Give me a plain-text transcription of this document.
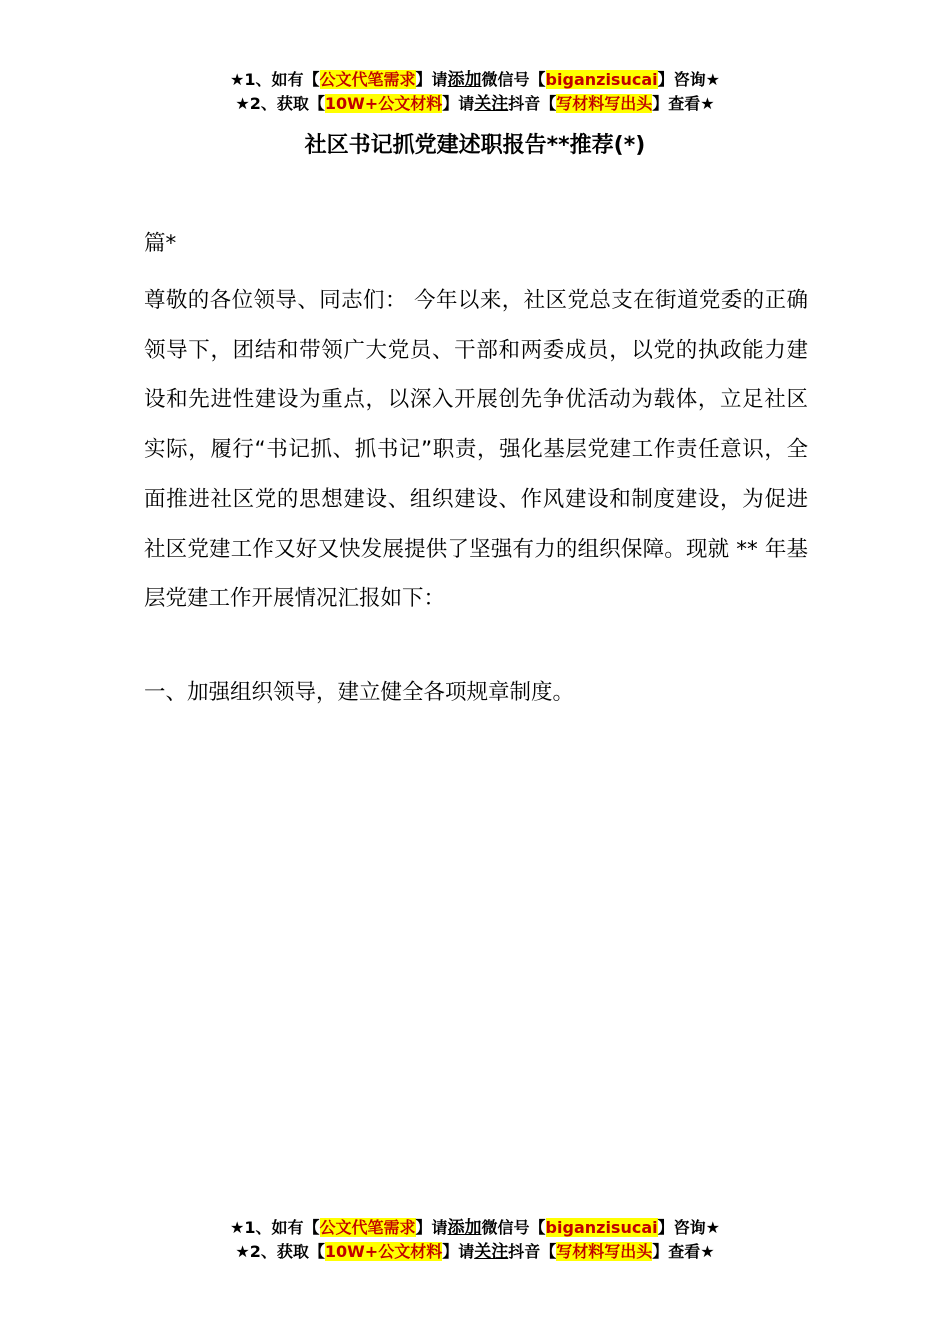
★1、如有【公文代笔需求】请添加微信号【biganzisucai】咨询★
★2、获取【10W+公文材料】请关注抖音【写材料写出头】查看★
社区书记抓党建述职报告**推荐(*)
篇*
尊敬的各位领导、同志们： 今年以来，社区党总支在街道党委的正确领导下，团结和带领广大党员、干部和两委成员，以党的执政能力建设和先进性建设为重点，以深入开展创先争优活动为载体，立足社区实际，履行“书记抓、抓书记”职责，强化基层党建工作责任意识，全面推进社区党的思想建设、组织建设、作风建设和制度建设，为促进社区党建工作又好又快发展提供了坚强有力的组织保障。现就 ** 年基层党建工作开展情况汇报如下：
一、加强组织领导，建立健全各项规章制度。
★1、如有【公文代笔需求】请添加微信号【biganzisucai】咨询★
★2、获取【10W+公文材料】请关注抖音【写材料写出头】查看★
